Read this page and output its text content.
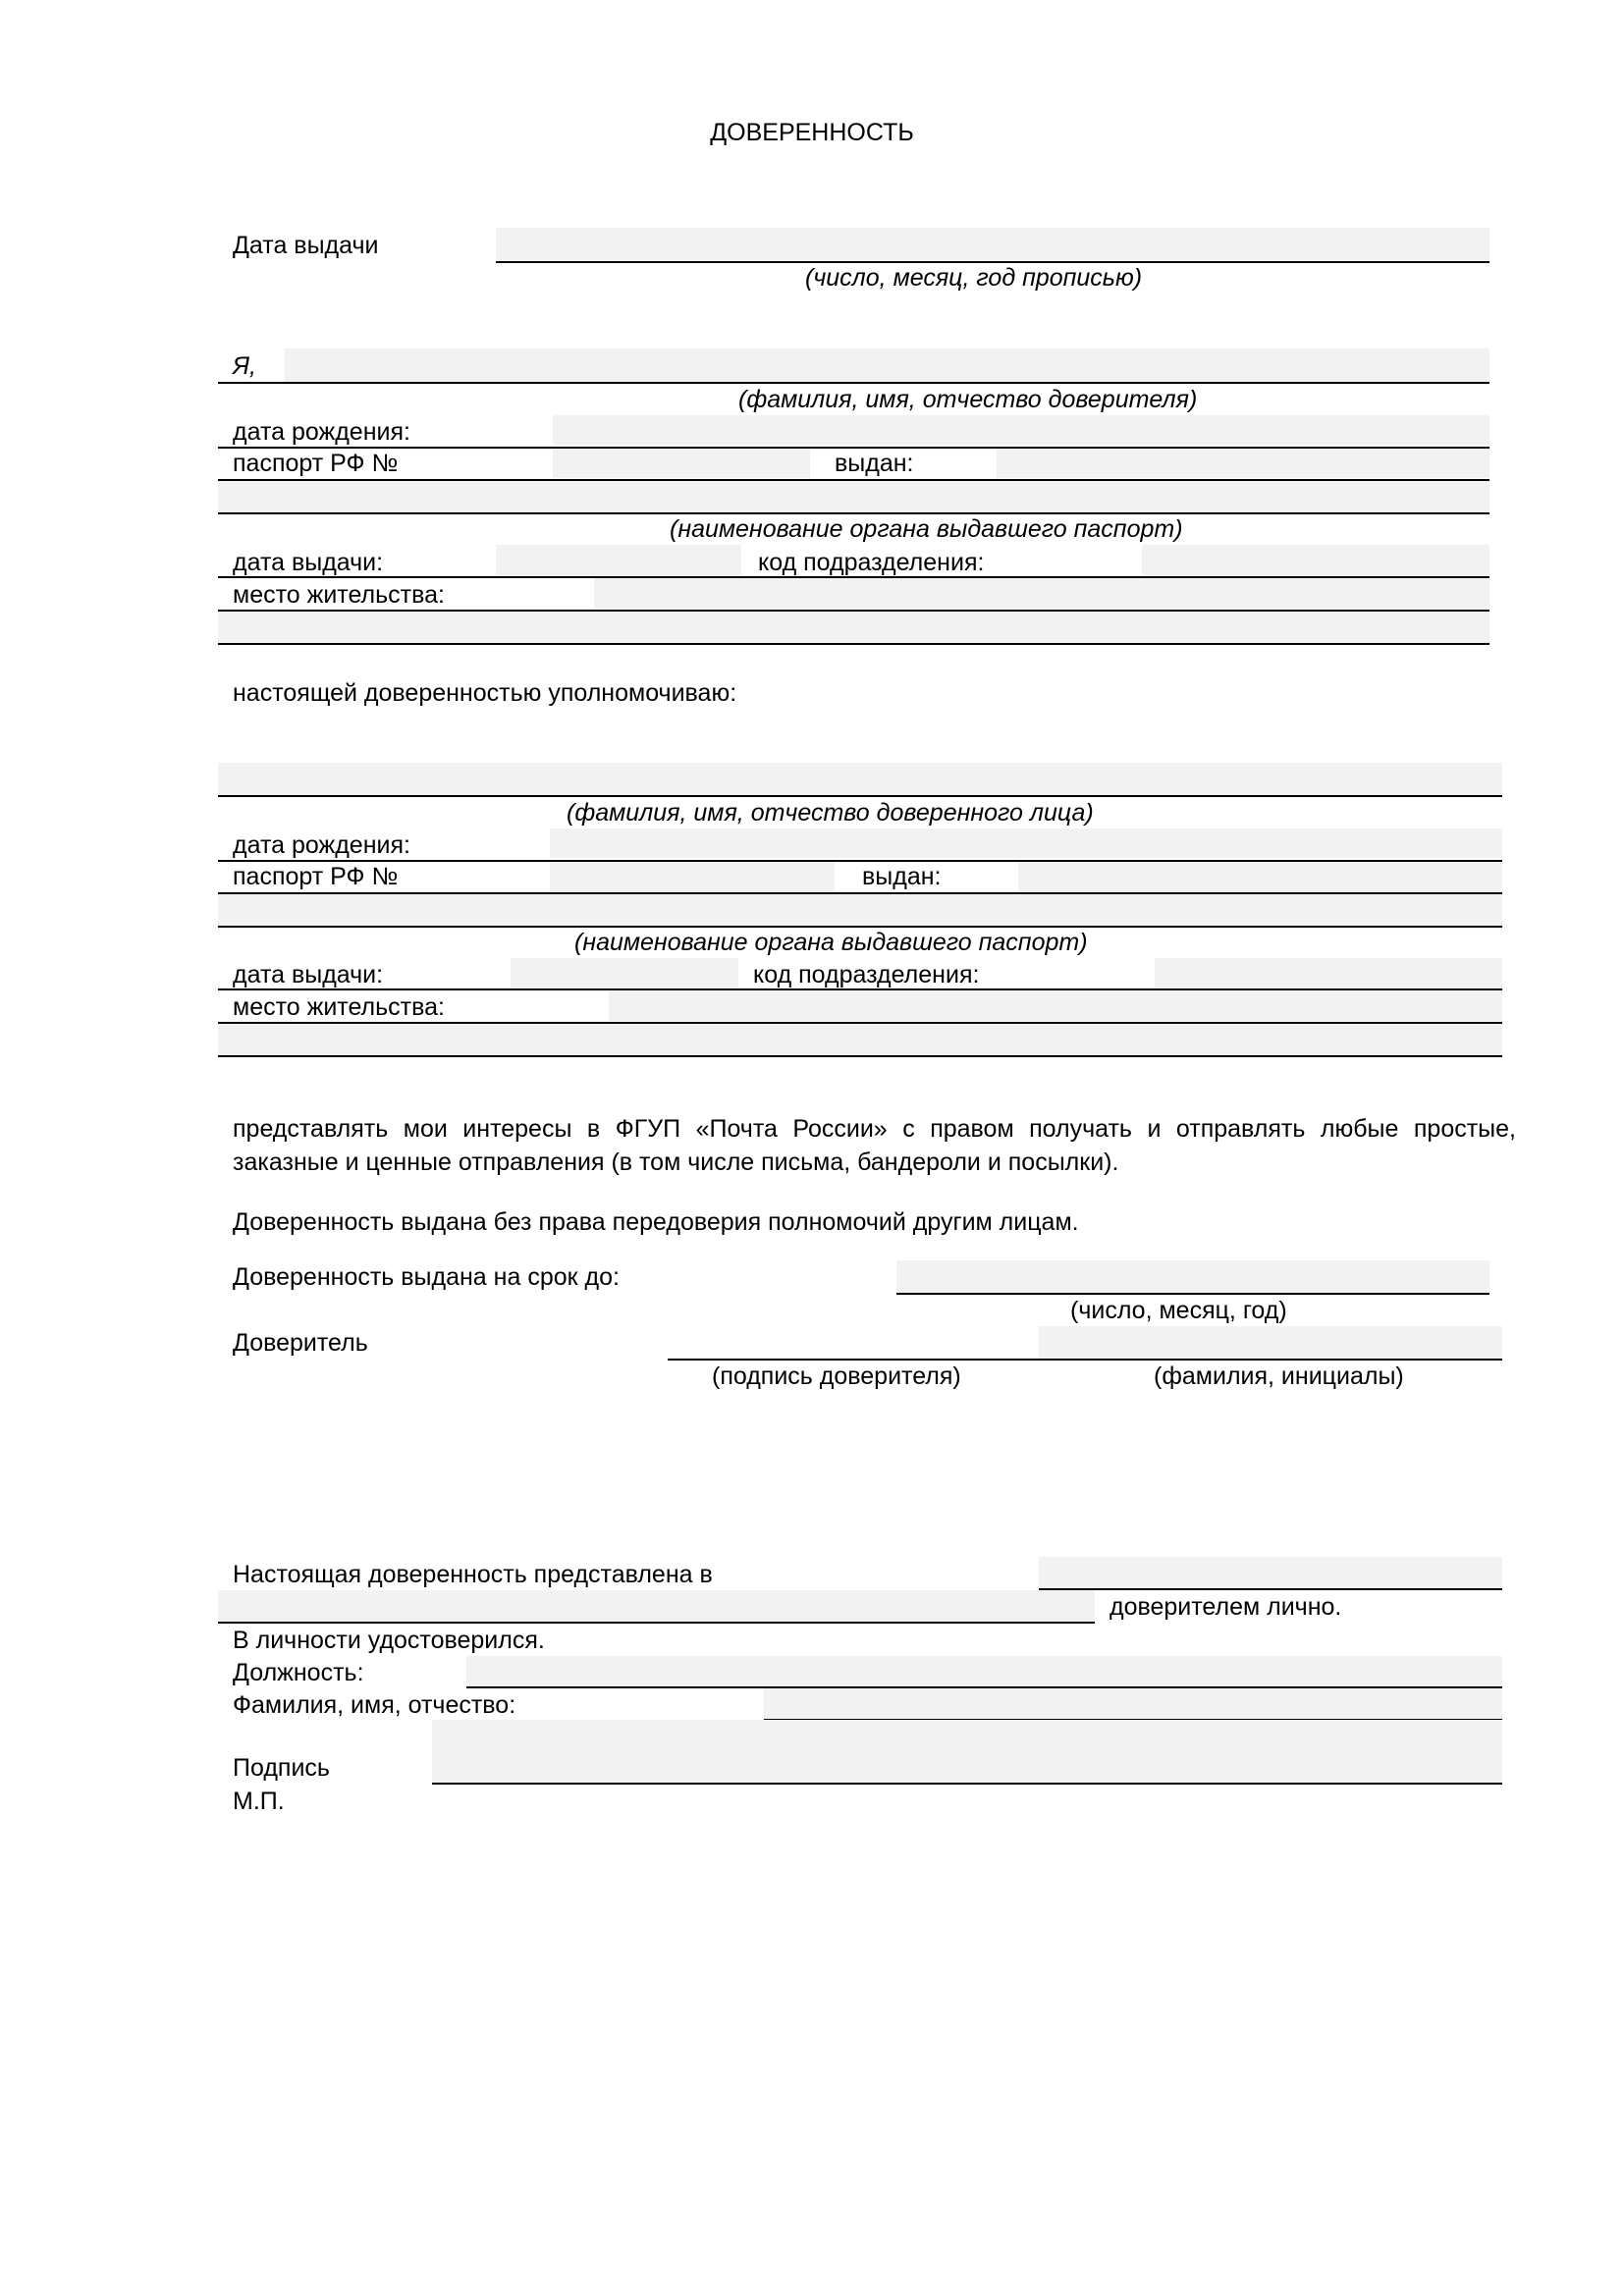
ДОВЕРЕННОСТЬ
Дата выдачи
(число, месяц, год прописью)
Я,
(фамилия, имя, отчество доверителя)
дата рождения:
паспорт РФ №	выдан:
(наименование органа выдавшего паспорт)
дата выдачи:	код подразделения:
место жительства:
настоящей доверенностью уполномочиваю:
(фамилия, имя, отчество доверенного лица)
дата рождения:
паспорт РФ №	выдан:
(наименование органа выдавшего паспорт)
дата выдачи:	код подразделения:
место жительства:
представлять мои интересы в ФГУП «Почта России» с правом получать и отправлять любые простые, заказные и ценные отправления (в том числе письма, бандероли и посылки).
Доверенность выдана без права передоверия полномочий другим лицам.
Доверенность выдана на срок до:
(число, месяц, год)
Доверитель
(подпись доверителя)	(фамилия, инициалы)
Настоящая доверенность представлена в
доверителем лично.
В личности удостоверился.
Должность:
Фамилия, имя, отчество:
Подпись
М.П.
